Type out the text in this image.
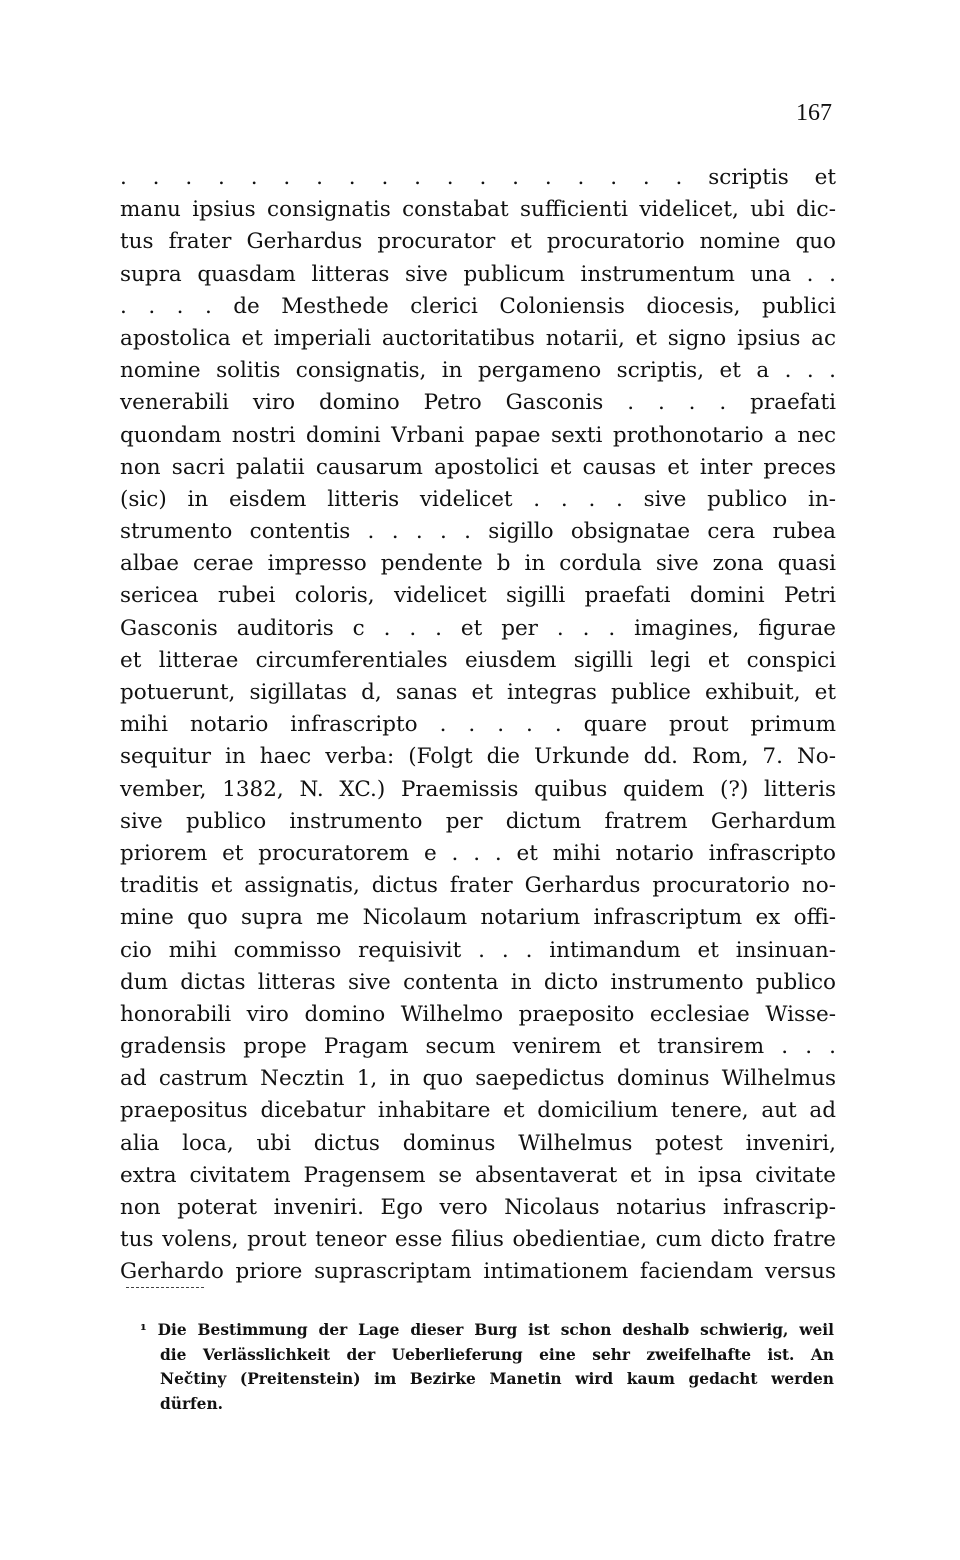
167
. . . . . . . . . . . . . . . . . . scriptis et
manu ipsius consignatis constabat sufficienti videlicet, ubi dic-
tus frater Gerhardus procurator et procuratorio nomine quo
supra quasdam litteras sive publicum instrumentum una . .
. . . . de Mesthede clerici Coloniensis diocesis, publici
apostolica et imperiali auctoritatibus notarii, et signo ipsius ac
nomine solitis consignatis, in pergameno scriptis, et a . . .
venerabili viro domino Petro Gasconis . . . . praefati
quondam nostri domini Vrbani papae sexti prothonotario a nec
non sacri palatii causarum apostolici et causas et inter preces
(sic) in eisdem litteris videlicet . . . . sive publico in-
strumento contentis . . . . . sigillo obsignatae cera rubea
albae cerae impresso pendente b in cordula sive zona quasi
sericea rubei coloris, videlicet sigilli praefati domini Petri
Gasconis auditoris c . . . et per . . . imagines, figurae
et litterae circumferentiales eiusdem sigilli legi et conspici
potuerunt, sigillatas d, sanas et integras publice exhibuit, et
mihi notario infrascripto . . . . . quare prout primum
sequitur in haec verba: (Folgt die Urkunde dd. Rom, 7. No-
vember, 1382, N. XC.) Praemissis quibus quidem (?) litteris
sive publico instrumento per dictum fratrem Gerhardum
priorem et procuratorem e . . . et mihi notario infrascripto
traditis et assignatis, dictus frater Gerhardus procuratorio no-
mine quo supra me Nicolaum notarium infrascriptum ex offi-
cio mihi commisso requisivit . . . intimandum et insinuan-
dum dictas litteras sive contenta in dicto instrumento publico
honorabili viro domino Wilhelmo praeposito ecclesiae Wisse-
gradensis prope Pragam secum venirem et transirem . . .
ad castrum Necztin 1, in quo saepedictus dominus Wilhelmus
praepositus dicebatur inhabitare et domicilium tenere, aut ad
alia loca, ubi dictus dominus Wilhelmus potest inveniri,
extra civitatem Pragensem se absentaverat et in ipsa civitate
non poterat inveniri. Ego vero Nicolaus notarius infrascrip-
tus volens, prout teneor esse filius obedientiae, cum dicto fratre
Gerhardo priore suprascriptam intimationem faciendam versus
¹ Die Bestimmung der Lage dieser Burg ist schon deshalb schwierig, weil
die Verlässlichkeit der Ueberlieferung eine sehr zweifelhafte ist. An
Nečtiny (Preitenstein) im Bezirke Manetin wird kaum gedacht werden
dürfen.
